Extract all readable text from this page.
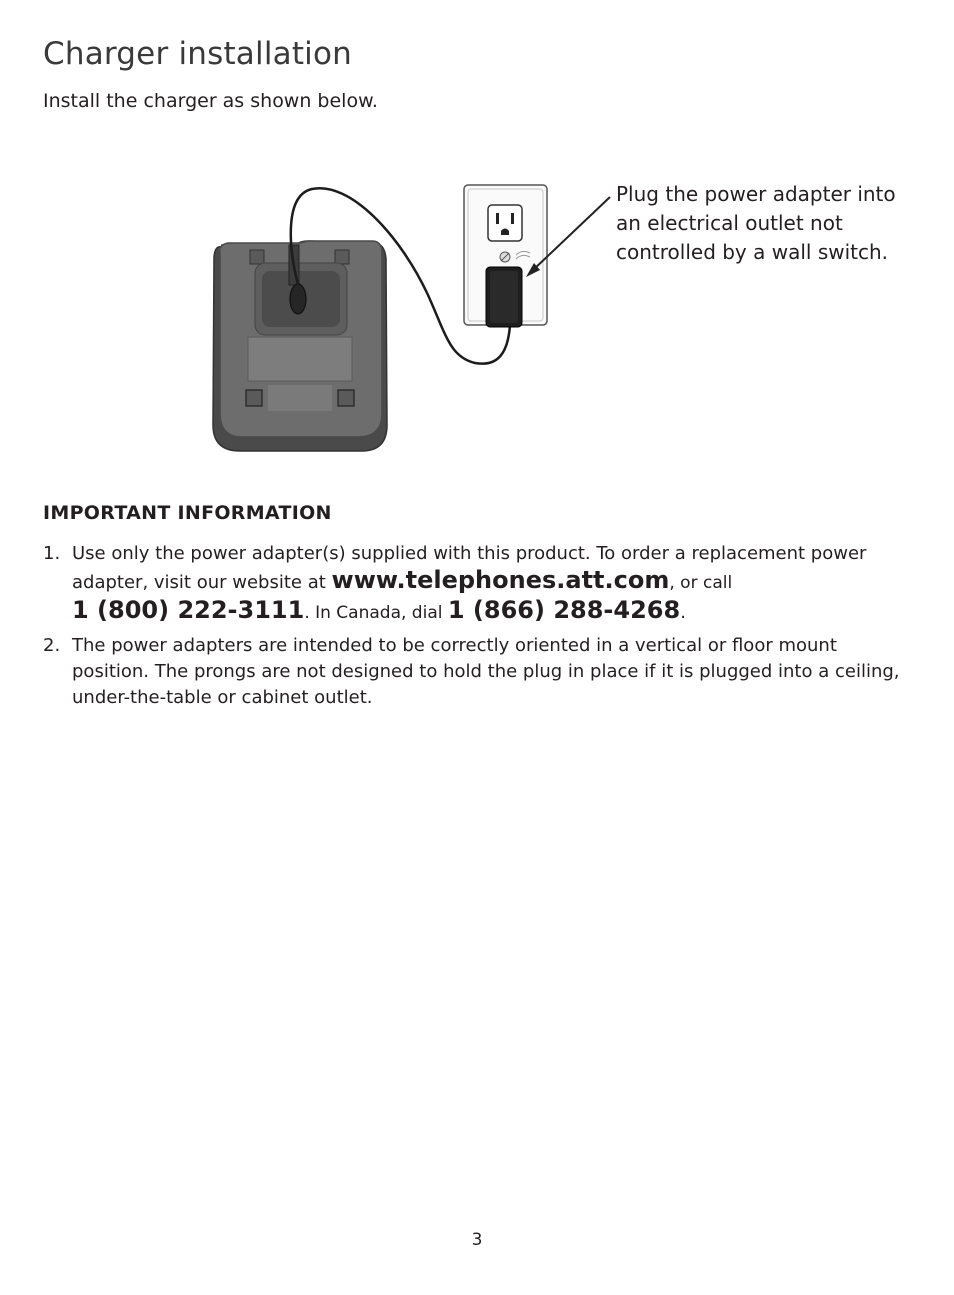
Charger installation

Install the charger as shown below.

Plug the power adapter into an electrical outlet not controlled by a wall switch.

IMPORTANT INFORMATION
1. Use only the power adapter(s) supplied with this product. To order a replacement power adapter, visit our website at www.telephones.att.com, or call
1 (800) 222-3111. In Canada, dial 1 (866) 288-4268.
2. The power adapters are intended to be correctly oriented in a vertical or floor mount position. The prongs are not designed to hold the plug in place if it is plugged into a ceiling, under-the-table or cabinet outlet.

3
